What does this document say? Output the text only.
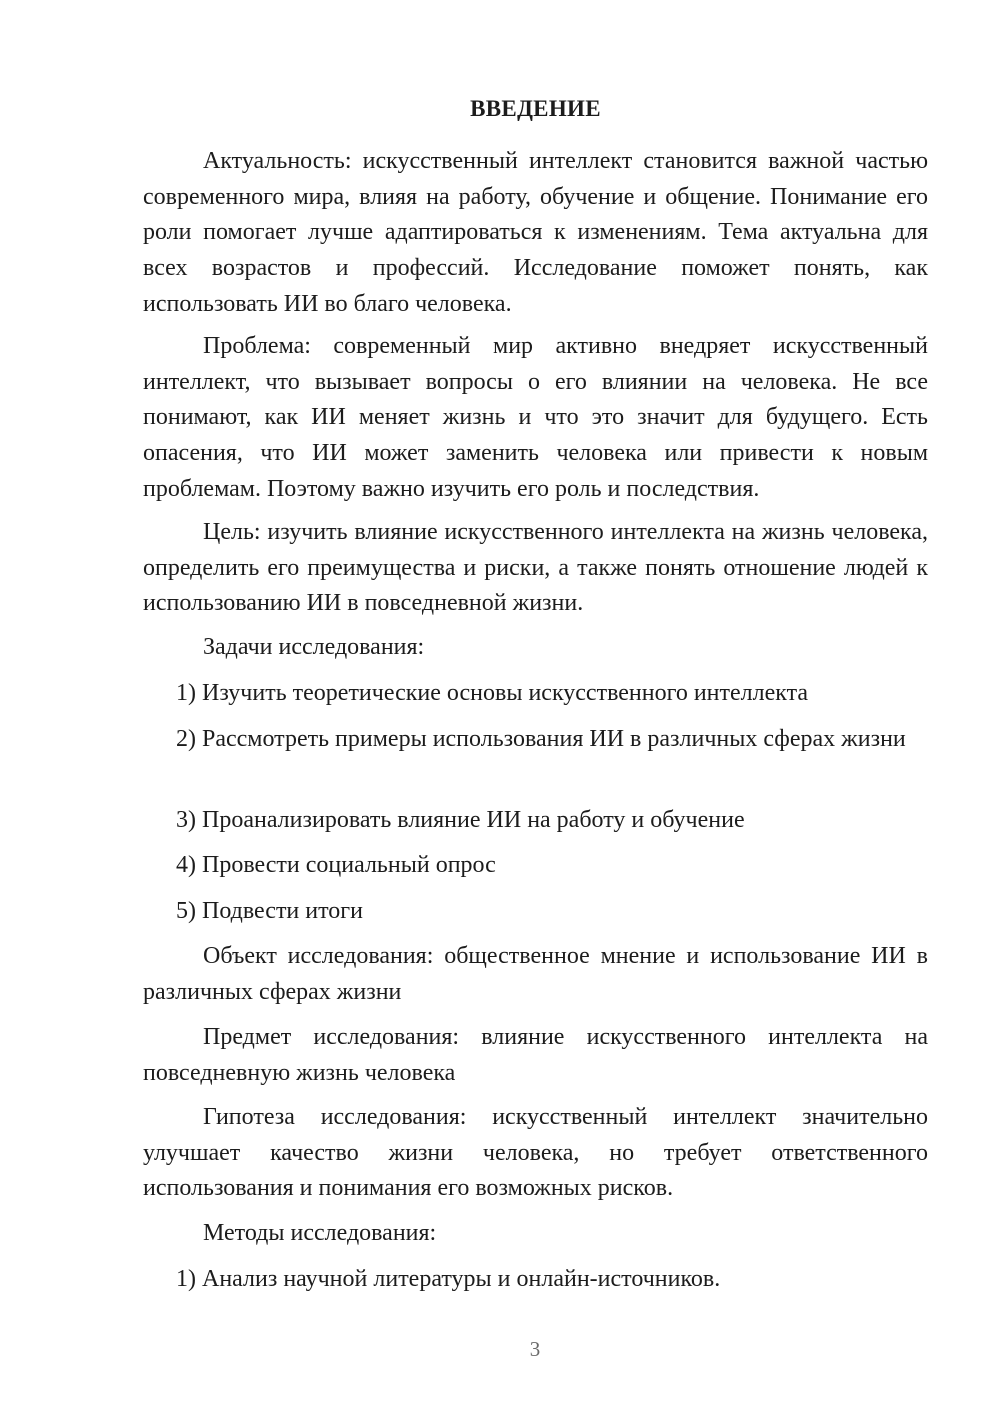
ВВЕДЕНИЕ

Актуальность: искусственный интеллект становится важной частью современного мира, влияя на работу, обучение и общение. Понимание его роли помогает лучше адаптироваться к изменениям. Тема актуальна для всех возрастов и профессий. Исследование поможет понять, как использовать ИИ во благо человека.

Проблема: современный мир активно внедряет искусственный интеллект, что вызывает вопросы о его влиянии на человека. Не все понимают, как ИИ меняет жизнь и что это значит для будущего. Есть опасения, что ИИ может заменить человека или привести к новым проблемам. Поэтому важно изучить его роль и последствия.

Цель: изучить влияние искусственного интеллекта на жизнь человека, определить его преимущества и риски, а также понять отношение людей к использованию ИИ в повседневной жизни.

Задачи исследования:

1) Изучить теоретические основы искусственного интеллекта

2) Рассмотреть примеры использования ИИ в различных сферах жизни

3) Проанализировать влияние ИИ на работу и обучение

4) Провести социальный опрос

5) Подвести итоги

Объект исследования: общественное мнение и использование ИИ в различных сферах жизни

Предмет исследования: влияние искусственного интеллекта на повседневную жизнь человека

Гипотеза исследования: искусственный интеллект значительно улучшает качество жизни человека, но требует ответственного использования и понимания его возможных рисков.

Методы исследования:

1) Анализ научной литературы и онлайн-источников.

3
